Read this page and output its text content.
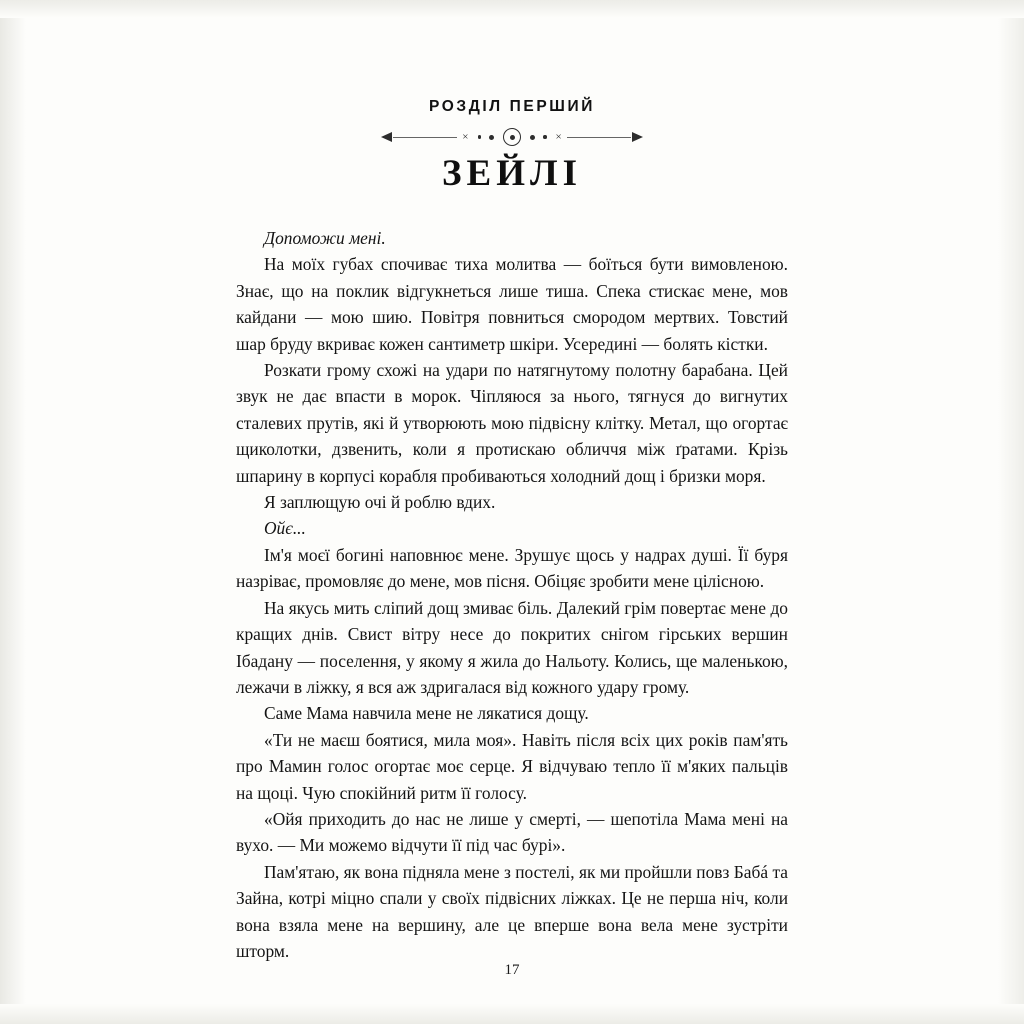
РОЗДІЛ ПЕРШИЙ
×	×
ЗЕЙЛІ

Допоможи мені.

На моїх губах спочиває тиха молитва — боїться бути вимовленою. Знає, що на поклик відгукнеться лише тиша. Спека стискає мене, мов кайдани — мою шию. Повітря повниться смородом мертвих. Товстий шар бруду вкриває кожен сантиметр шкіри. Усередині — болять кістки.

Розкати грому схожі на удари по натягнутому полотну барабана. Цей звук не дає впасти в морок. Чіпляюся за нього, тягнуся до вигнутих сталевих прутів, які й утворюють мою підвісну клітку. Метал, що огортає щиколотки, дзвенить, коли я протискаю обличчя між ґратами. Крізь шпарину в корпусі корабля пробиваються холодний дощ і бризки моря.

Я заплющую очі й роблю вдих.

Ойє...

Ім'я моєї богині наповнює мене. Зрушує щось у надрах душі. Її буря назріває, промовляє до мене, мов пісня. Обіцяє зробити мене цілісною.

На якусь мить сліпий дощ змиває біль. Далекий грім повертає мене до кращих днів. Свист вітру несе до покритих снігом гірських вершин Ібадану — поселення, у якому я жила до Нальоту. Колись, ще маленькою, лежачи в ліжку, я вся аж здригалася від кожного удару грому.

Саме Мама навчила мене не лякатися дощу.

«Ти не маєш боятися, мила моя». Навіть після всіх цих років пам'ять про Мамин голос огортає моє серце. Я відчуваю тепло її м'яких пальців на щоці. Чую спокійний ритм її голосу.

«Ойя приходить до нас не лише у смерті, — шепотіла Мама мені на вухо. — Ми можемо відчути її під час бурі».

Пам'ятаю, як вона підняла мене з постелі, як ми пройшли повз Бабá та Зайна, котрі міцно спали у своїх підвісних ліжках. Це не перша ніч, коли вона взяла мене на вершину, але це вперше вона вела мене зустріти шторм.

17
